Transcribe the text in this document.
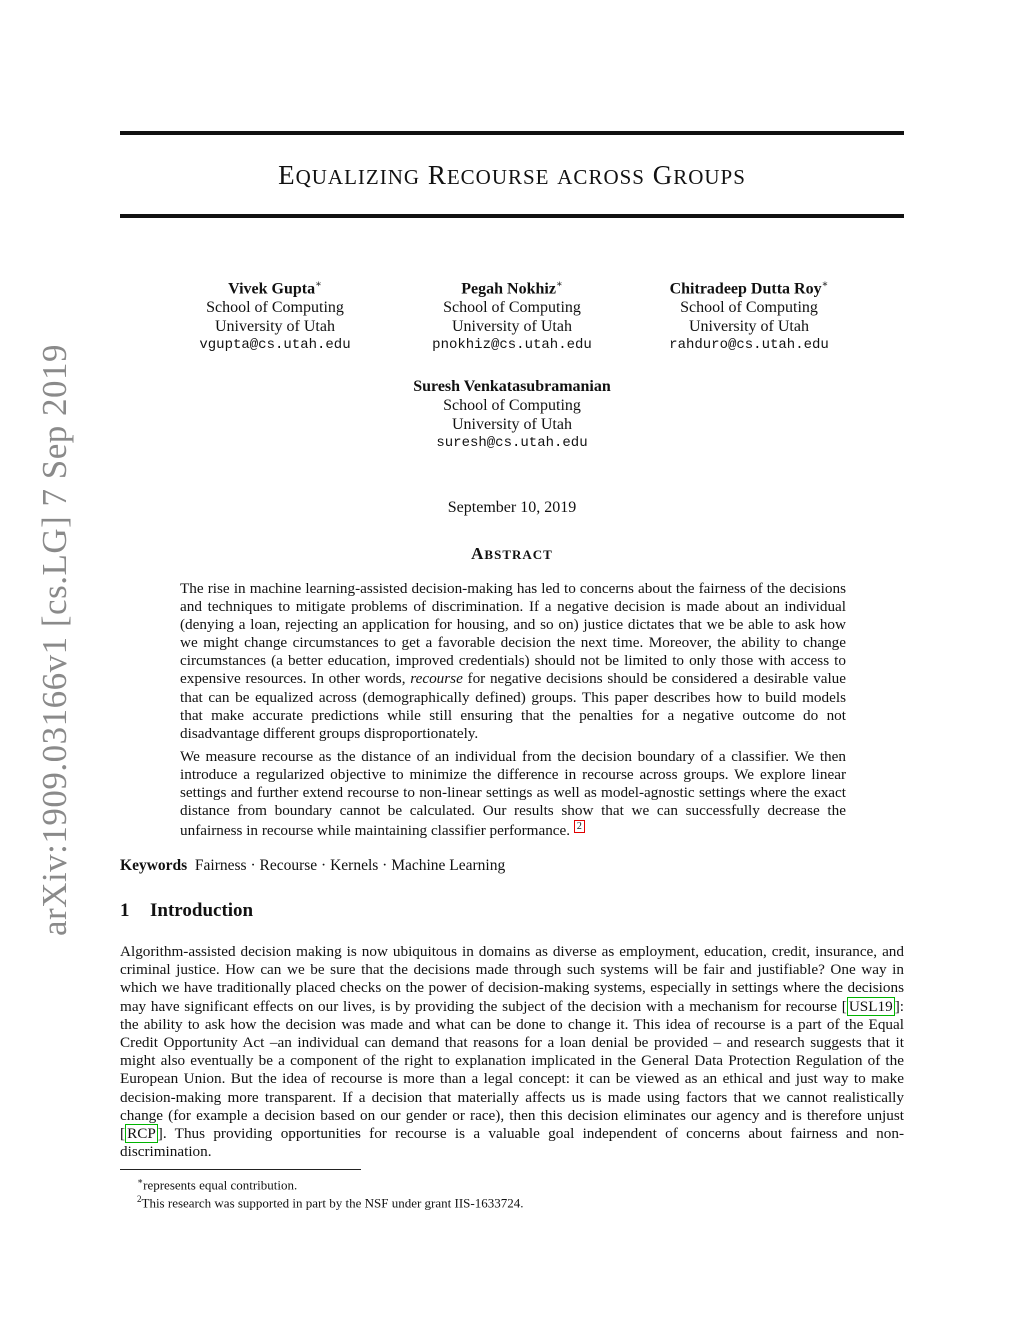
arXiv:1909.03166v1 [cs.LG] 7 Sep 2019
EQUALIZING RECOURSE ACROSS GROUPS
Vivek Gupta∗
School of Computing
University of Utah
vgupta@cs.utah.edu
Pegah Nokhiz∗
School of Computing
University of Utah
pnokhiz@cs.utah.edu
Chitradeep Dutta Roy∗
School of Computing
University of Utah
rahduro@cs.utah.edu
Suresh Venkatasubramanian
School of Computing
University of Utah
suresh@cs.utah.edu
September 10, 2019
ABSTRACT

The rise in machine learning-assisted decision-making has led to concerns about the fairness of the decisions and techniques to mitigate problems of discrimination. If a negative decision is made about an individual (denying a loan, rejecting an application for housing, and so on) justice dictates that we be able to ask how we might change circumstances to get a favorable decision the next time. Moreover, the ability to change circumstances (a better education, improved credentials) should not be limited to only those with access to expensive resources. In other words, recourse for negative decisions should be considered a desirable value that can be equalized across (demographically defined) groups. This paper describes how to build models that make accurate predictions while still ensuring that the penalties for a negative outcome do not disadvantage different groups disproportionately.

We measure recourse as the distance of an individual from the decision boundary of a classifier. We then introduce a regularized objective to minimize the difference in recourse across groups. We explore linear settings and further extend recourse to non-linear settings as well as model-agnostic settings where the exact distance from boundary cannot be calculated. Our results show that we can successfully decrease the unfairness in recourse while maintaining classifier performance. 2

Keywords Fairness · Recourse · Kernels · Machine Learning
1 Introduction

Algorithm-assisted decision making is now ubiquitous in domains as diverse as employment, education, credit, insurance, and criminal justice. How can we be sure that the decisions made through such systems will be fair and justifiable? One way in which we have traditionally placed checks on the power of decision-making systems, especially in settings where the decisions may have significant effects on our lives, is by providing the subject of the decision with a mechanism for recourse [ USL19 ]: the ability to ask how the decision was made and what can be done to change it. This idea of recourse is a part of the Equal Credit Opportunity Act –an individual can demand that reasons for a loan denial be provided – and research suggests that it might also eventually be a component of the right to explanation implicated in the General Data Protection Regulation of the European Union. But the idea of recourse is more than a legal concept: it can be viewed as an ethical and just way to make decision-making more transparent. If a decision that materially affects us is made using factors that we cannot realistically change (for example a decision based on our gender or race), then this decision eliminates our agency and is therefore unjust [ RCP ]. Thus providing opportunities for recourse is a valuable goal independent of concerns about fairness and non-discrimination.

∗represents equal contribution.
$^2$This research was supported in part by the NSF under grant IIS-1633724.
